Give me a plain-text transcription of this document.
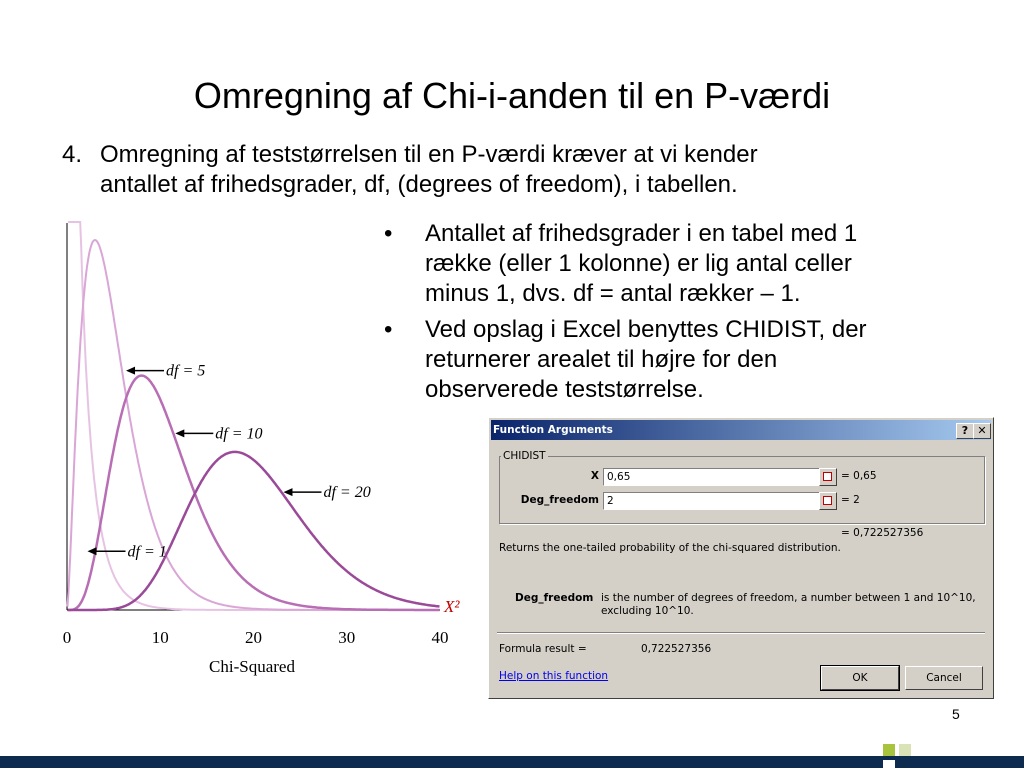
Omregning af Chi-i-anden til en P-værdi
4. Omregning af teststørrelsen til en P-værdi kræver at vi kender
antallet af frihedsgrader, df, (degrees of freedom), i tabellen.
• Antallet af frihedsgrader i en tabel med 1
række (eller 1 kolonne) er lig antal celler
minus 1, dvs. df = antal rækker – 1.
• Ved opslag i Excel benyttes CHIDIST, der
returnerer arealet til højre for den
observerede teststørrelse.
0	10	20	30	40
df = 1
df = 5
df = 10
df = 20
X²
Chi-Squared
Function Arguments	? ✕
CHIDIST
X 0,65	= 0,65
Deg_freedom 2	= 2
= 0,722527356
Returns the one-tailed probability of the chi-squared distribution.
Deg_freedom is the number of degrees of freedom, a number between 1 and 10^10,
excluding 10^10.
Formula result =	0,722527356
Help on this function	OK	Cancel
5
